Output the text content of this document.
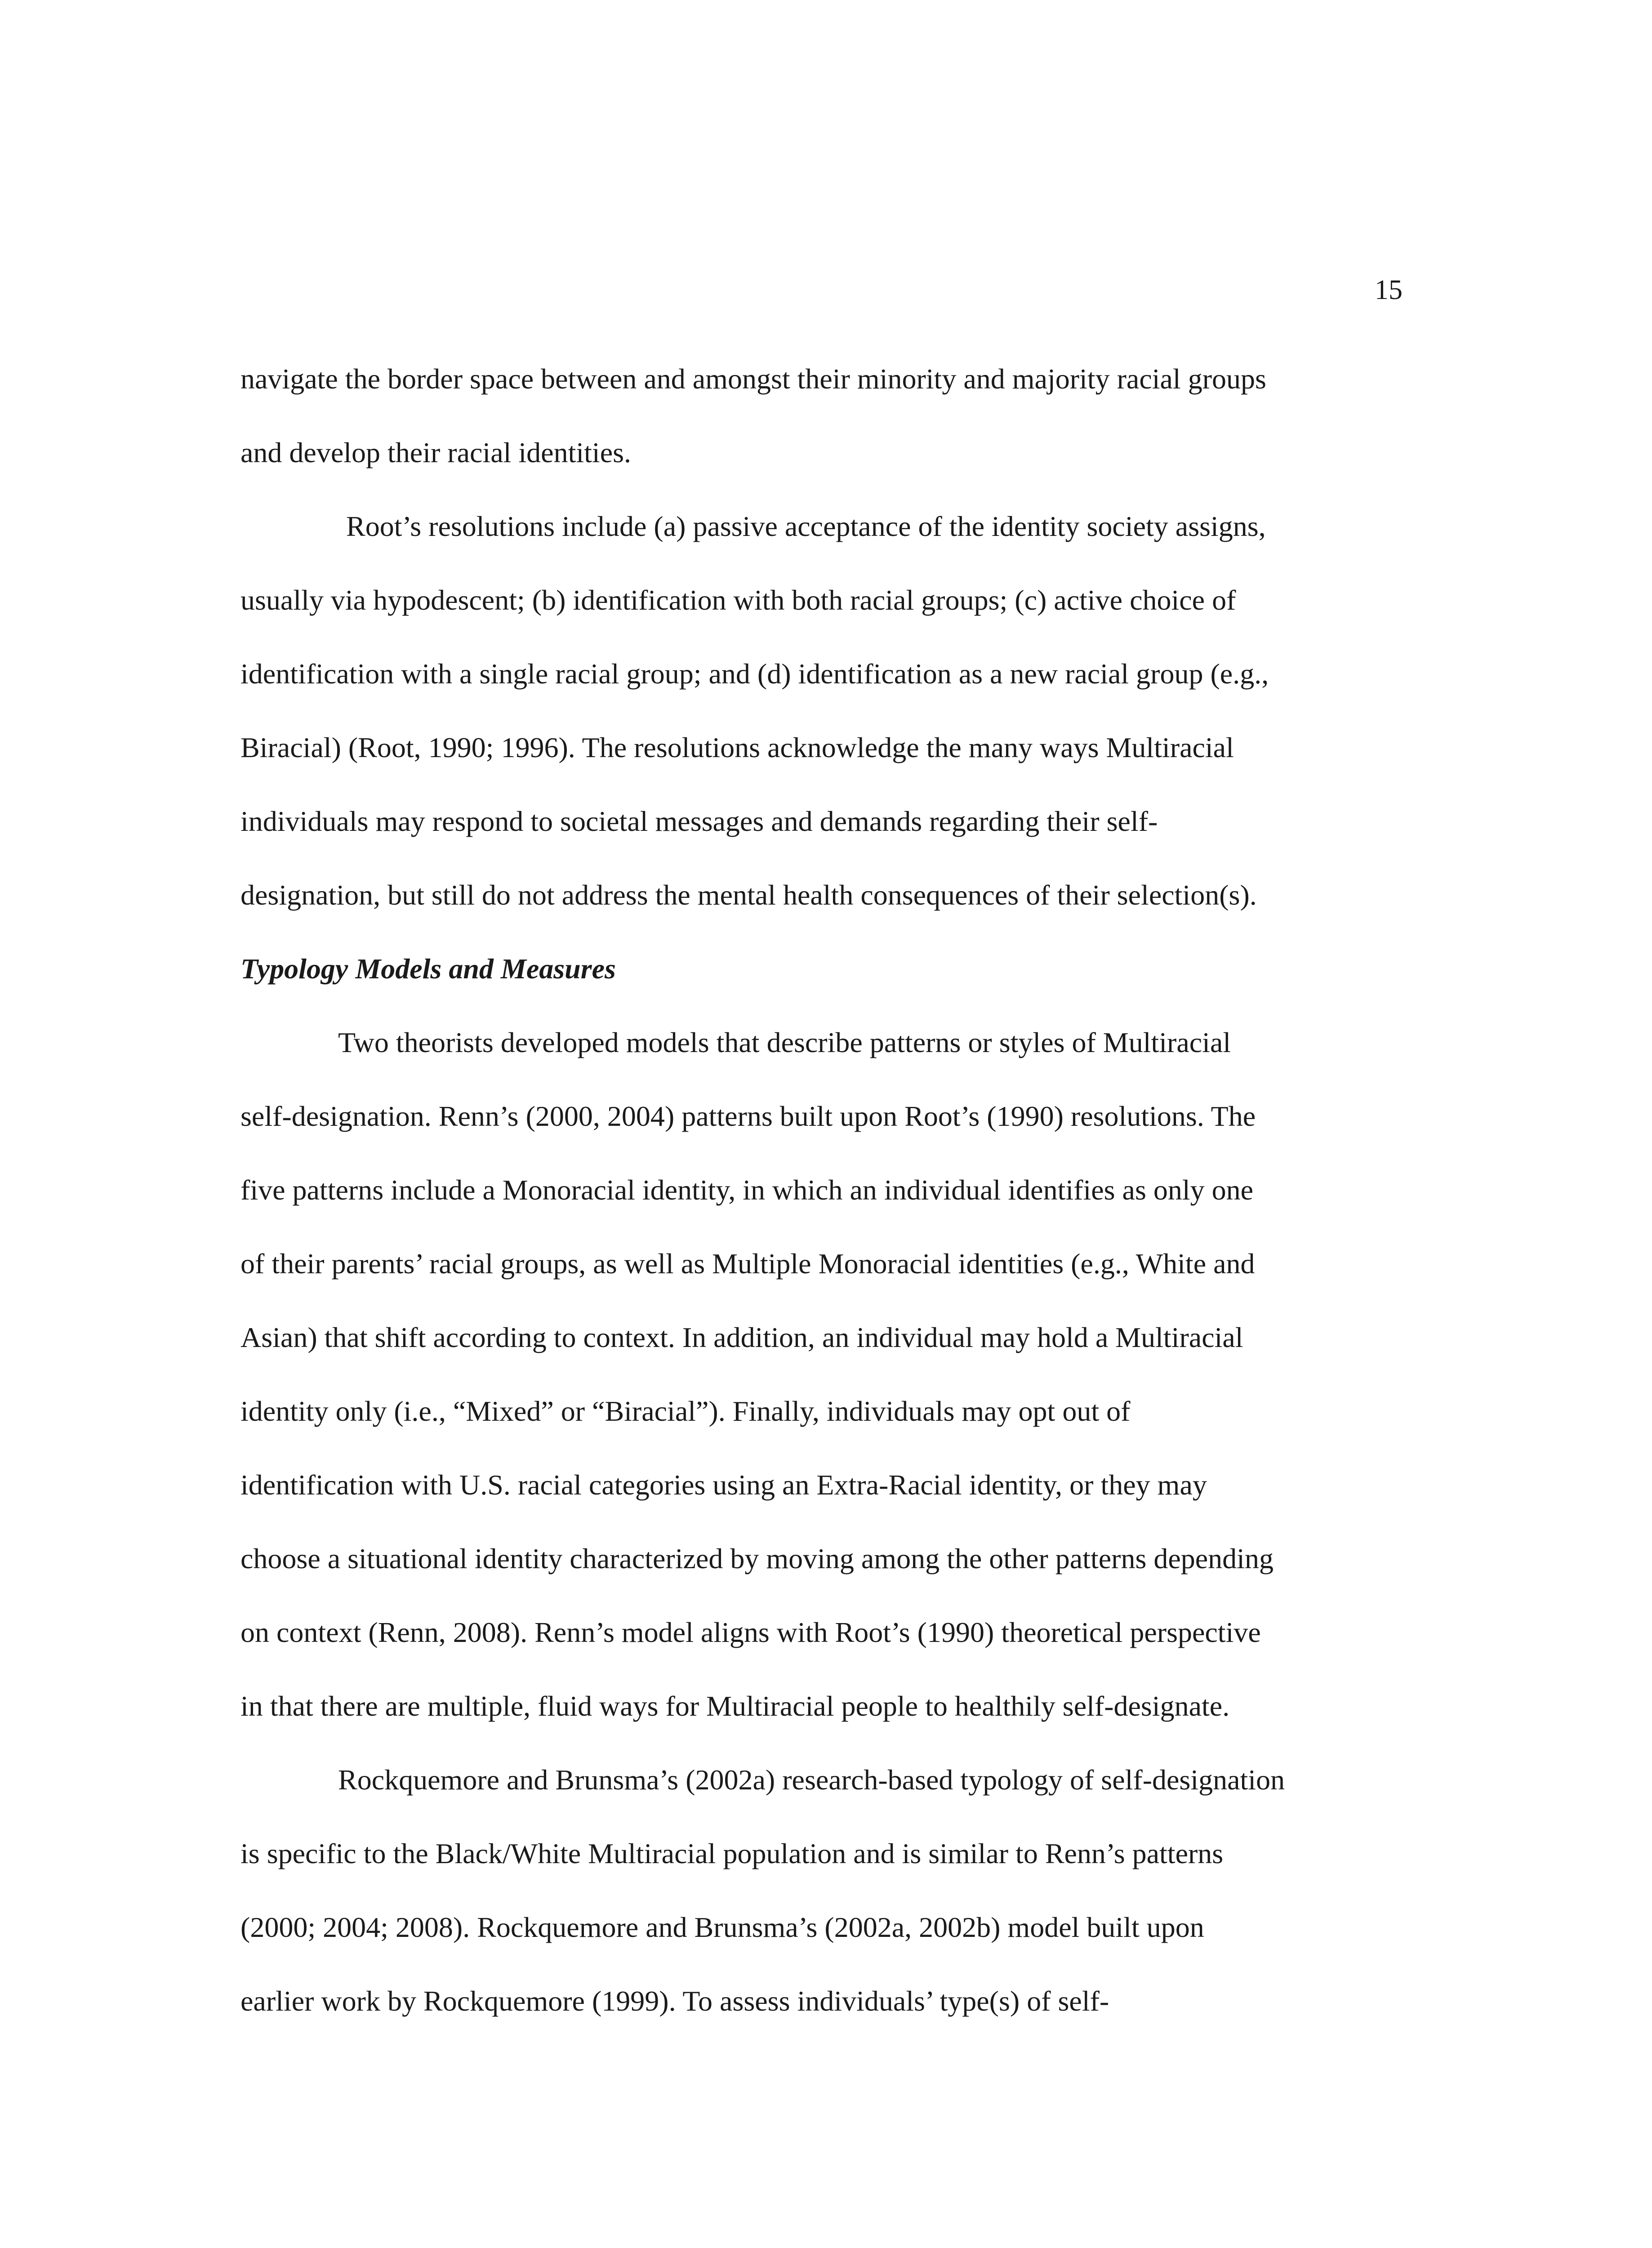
15
navigate the border space between and amongst their minority and majority racial groups
and develop their racial identities.
Root’s resolutions include (a) passive acceptance of the identity society assigns,
usually via hypodescent; (b) identification with both racial groups; (c) active choice of
identification with a single racial group; and (d) identification as a new racial group (e.g.,
Biracial) (Root, 1990; 1996). The resolutions acknowledge the many ways Multiracial
individuals may respond to societal messages and demands regarding their self-
designation, but still do not address the mental health consequences of their selection(s).
Typology Models and Measures
Two theorists developed models that describe patterns or styles of Multiracial
self-designation. Renn’s (2000, 2004) patterns built upon Root’s (1990) resolutions. The
five patterns include a Monoracial identity, in which an individual identifies as only one
of their parents’ racial groups, as well as Multiple Monoracial identities (e.g., White and
Asian) that shift according to context. In addition, an individual may hold a Multiracial
identity only (i.e., “Mixed” or “Biracial”). Finally, individuals may opt out of
identification with U.S. racial categories using an Extra-Racial identity, or they may
choose a situational identity characterized by moving among the other patterns depending
on context (Renn, 2008). Renn’s model aligns with Root’s (1990) theoretical perspective
in that there are multiple, fluid ways for Multiracial people to healthily self-designate.
Rockquemore and Brunsma’s (2002a) research-based typology of self-designation
is specific to the Black/White Multiracial population and is similar to Renn’s patterns
(2000; 2004; 2008). Rockquemore and Brunsma’s (2002a, 2002b) model built upon
earlier work by Rockquemore (1999). To assess individuals’ type(s) of self-
